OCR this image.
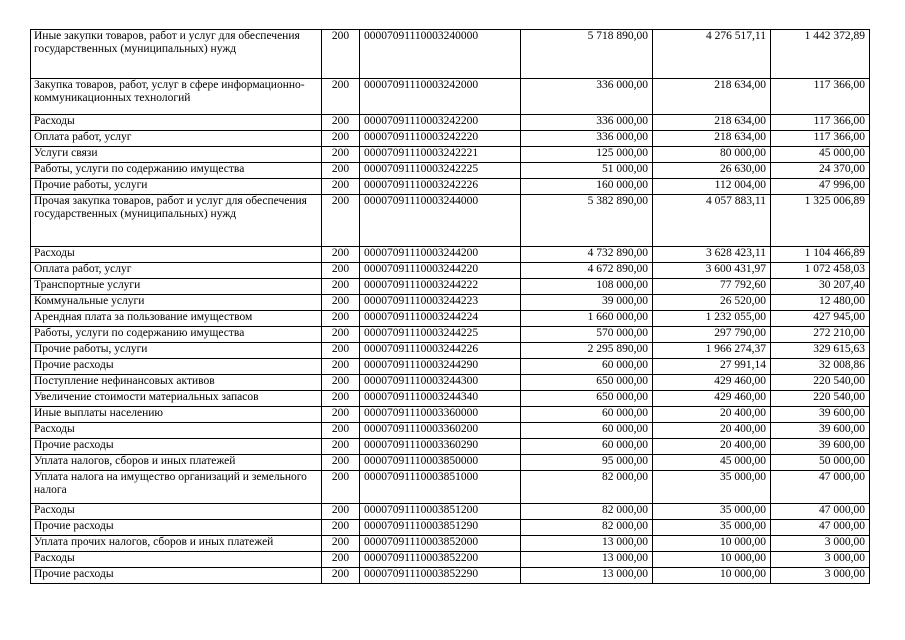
Иные закупки товаров, работ и услуг для обеспечения государственных (муниципальных) нужд	200	00007091110003240000	5 718 890,00	4 276 517,11	1 442 372,89
Закупка товаров, работ, услуг в сфере информационно-коммуникационных технологий	200	00007091110003242000	336 000,00	218 634,00	117 366,00
Расходы	200	00007091110003242200	336 000,00	218 634,00	117 366,00
Оплата работ, услуг	200	00007091110003242220	336 000,00	218 634,00	117 366,00
Услуги связи	200	00007091110003242221	125 000,00	80 000,00	45 000,00
Работы, услуги по содержанию имущества	200	00007091110003242225	51 000,00	26 630,00	24 370,00
Прочие работы, услуги	200	00007091110003242226	160 000,00	112 004,00	47 996,00
Прочая закупка товаров, работ и услуг для обеспечения государственных (муниципальных) нужд	200	00007091110003244000	5 382 890,00	4 057 883,11	1 325 006,89
Расходы	200	00007091110003244200	4 732 890,00	3 628 423,11	1 104 466,89
Оплата работ, услуг	200	00007091110003244220	4 672 890,00	3 600 431,97	1 072 458,03
Транспортные услуги	200	00007091110003244222	108 000,00	77 792,60	30 207,40
Коммунальные услуги	200	00007091110003244223	39 000,00	26 520,00	12 480,00
Арендная плата за пользование имуществом	200	00007091110003244224	1 660 000,00	1 232 055,00	427 945,00
Работы, услуги по содержанию имущества	200	00007091110003244225	570 000,00	297 790,00	272 210,00
Прочие работы, услуги	200	00007091110003244226	2 295 890,00	1 966 274,37	329 615,63
Прочие расходы	200	00007091110003244290	60 000,00	27 991,14	32 008,86
Поступление нефинансовых активов	200	00007091110003244300	650 000,00	429 460,00	220 540,00
Увеличение стоимости материальных запасов	200	00007091110003244340	650 000,00	429 460,00	220 540,00
Иные выплаты населению	200	00007091110003360000	60 000,00	20 400,00	39 600,00
Расходы	200	00007091110003360200	60 000,00	20 400,00	39 600,00
Прочие расходы	200	00007091110003360290	60 000,00	20 400,00	39 600,00
Уплата налогов, сборов и иных платежей	200	00007091110003850000	95 000,00	45 000,00	50 000,00
Уплата налога на имущество организаций и земельного налога	200	00007091110003851000	82 000,00	35 000,00	47 000,00
Расходы	200	00007091110003851200	82 000,00	35 000,00	47 000,00
Прочие расходы	200	00007091110003851290	82 000,00	35 000,00	47 000,00
Уплата прочих налогов, сборов и иных платежей	200	00007091110003852000	13 000,00	10 000,00	3 000,00
Расходы	200	00007091110003852200	13 000,00	10 000,00	3 000,00
Прочие расходы	200	00007091110003852290	13 000,00	10 000,00	3 000,00
